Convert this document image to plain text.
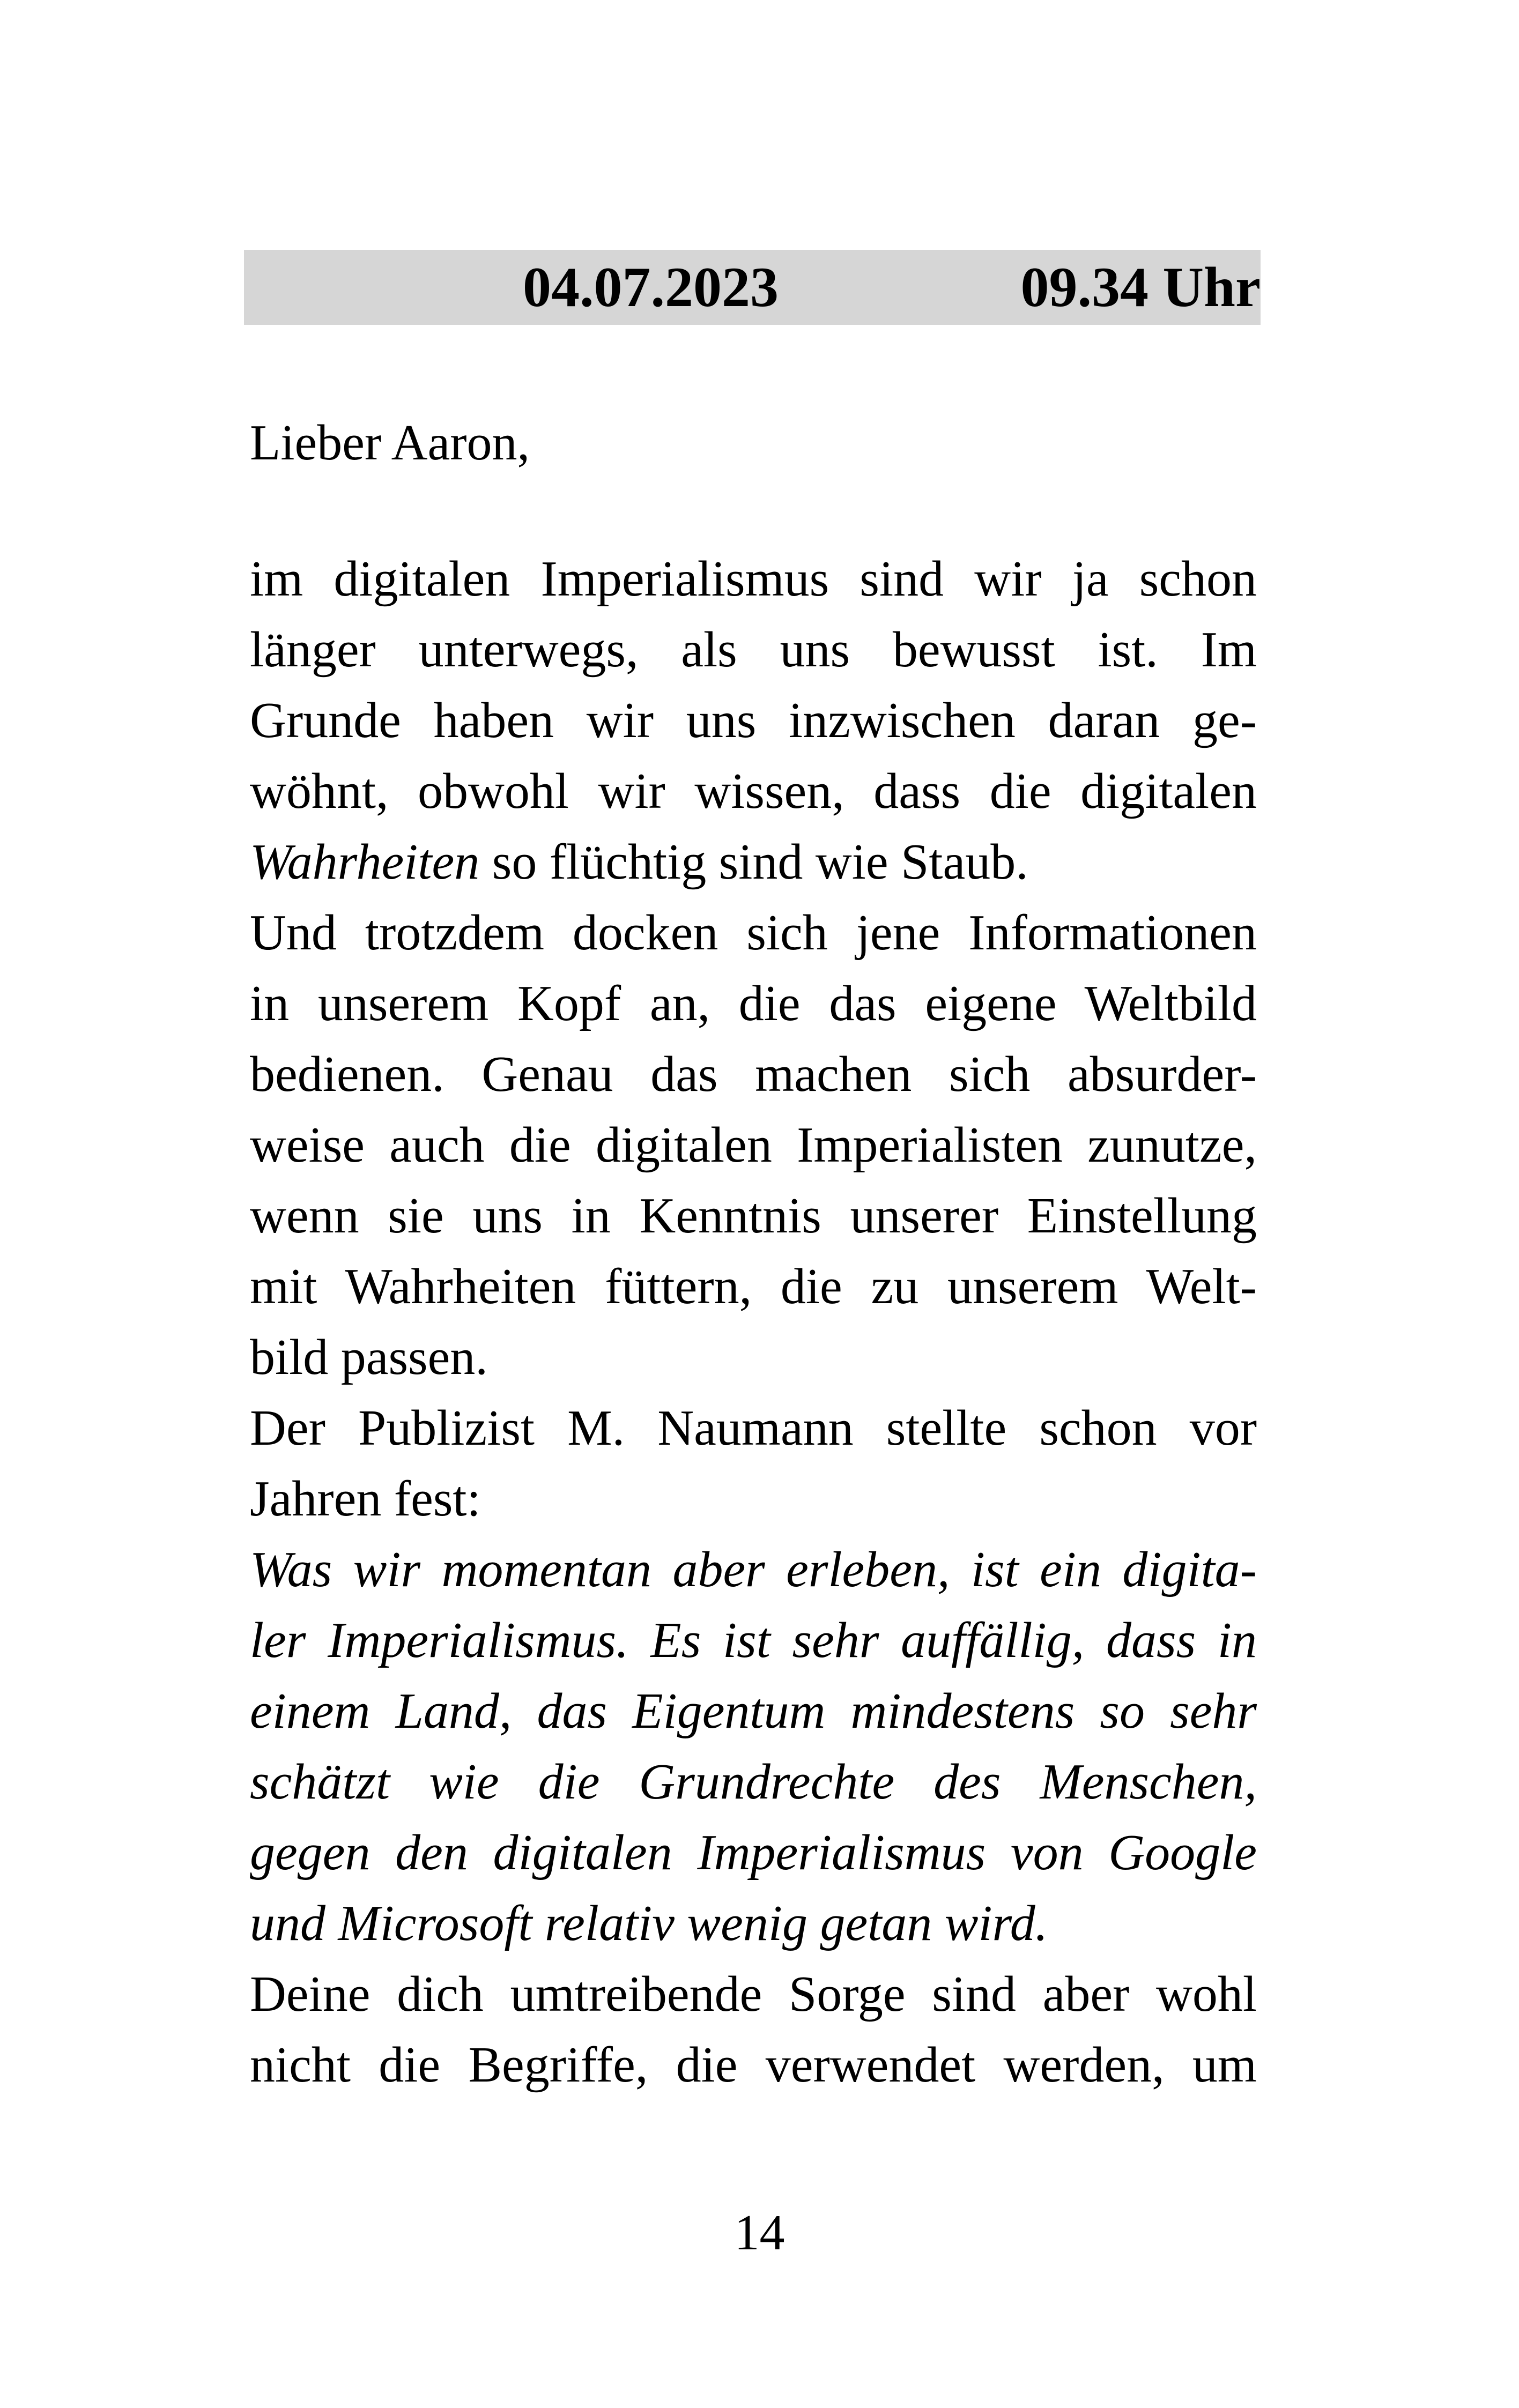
04.07.2023	09.34 Uhr
Lieber Aaron,
im digitalen Imperialismus sind wir ja schon
länger unterwegs, als uns bewusst ist. Im
Grunde haben wir uns inzwischen daran ge-
wöhnt, obwohl wir wissen, dass die digitalen
Wahrheiten so flüchtig sind wie Staub.
Und trotzdem docken sich jene Informationen
in unserem Kopf an, die das eigene Weltbild
bedienen. Genau das machen sich absurder-
weise auch die digitalen Imperialisten zunutze,
wenn sie uns in Kenntnis unserer Einstellung
mit Wahrheiten füttern, die zu unserem Welt-
bild passen.
Der Publizist M. Naumann stellte schon vor
Jahren fest:
Was wir momentan aber erleben, ist ein digita-
ler Imperialismus. Es ist sehr auffällig, dass in
einem Land, das Eigentum mindestens so sehr
schätzt wie die Grundrechte des Menschen,
gegen den digitalen Imperialismus von Google
und Microsoft relativ wenig getan wird.
Deine dich umtreibende Sorge sind aber wohl
nicht die Begriffe, die verwendet werden, um
14
